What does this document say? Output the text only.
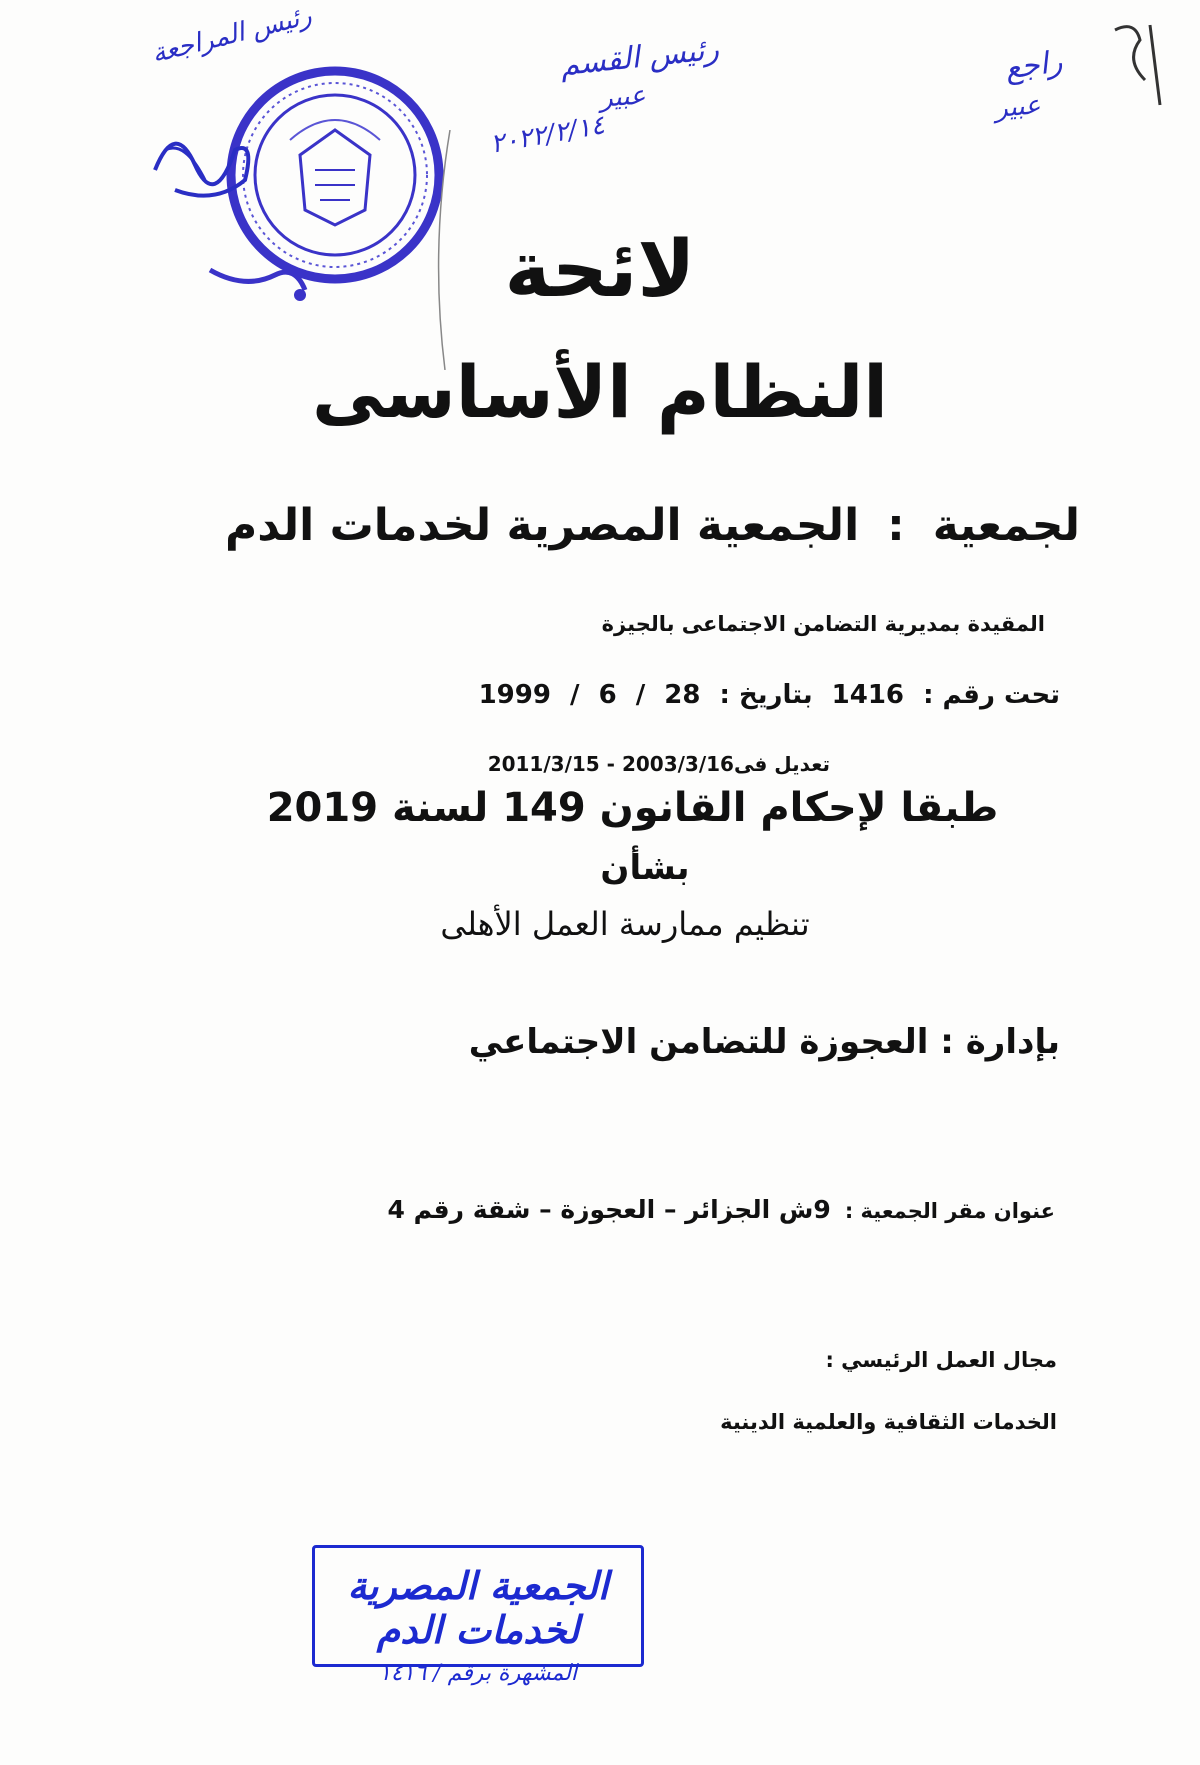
رئيس المراجعة	رئيس القسم
عبير
٢٠٢٢/٢/١٤
راجع
عبير
لائحة
النظام الأساسى
لجمعية:الجمعية المصرية لخدمات الدم
المقيدة بمديرية التضامن الاجتماعى بالجيزة
تحت رقم : 1416 بتاريخ : 28 / 6 / 1999
تعديل فى2003/3/16 - 2011/3/15
طبقا لإحكام القانون 149 لسنة 2019
بشأن
تنظيم ممارسة العمل الأهلى
بإدارة : العجوزة للتضامن الاجتماعي
عنوان مقر الجمعية :9ش الجزائر – العجوزة – شقة رقم 4
مجال العمل الرئيسي :
الخدمات الثقافية والعلمية الدينية
الجمعية المصرية لخدمات الدم
المشهرة برقم / ١٤١٦
